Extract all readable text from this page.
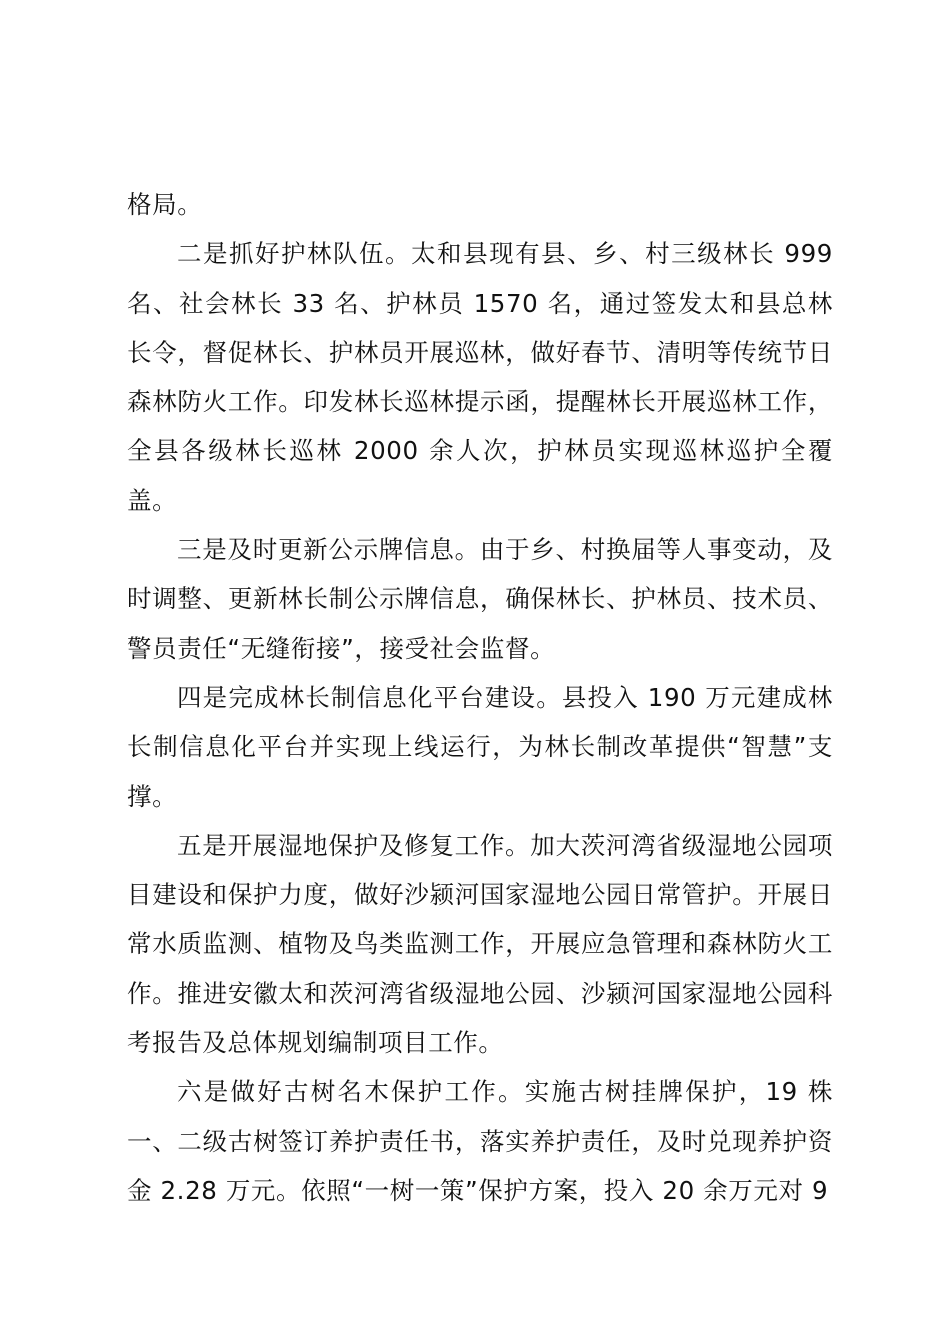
格局。

二是抓好护林队伍。太和县现有县、乡、村三级林长 999 名、社会林长 33 名、护林员 1570 名，通过签发太和县总林长令，督促林长、护林员开展巡林，做好春节、清明等传统节日森林防火工作。印发林长巡林提示函，提醒林长开展巡林工作，全县各级林长巡林 2000 余人次，护林员实现巡林巡护全覆盖。

三是及时更新公示牌信息。由于乡、村换届等人事变动，及时调整、更新林长制公示牌信息，确保林长、护林员、技术员、警员责任“无缝衔接”，接受社会监督。

四是完成林长制信息化平台建设。县投入 190 万元建成林长制信息化平台并实现上线运行，为林长制改革提供“智慧”支撑。

五是开展湿地保护及修复工作。加大茨河湾省级湿地公园项目建设和保护力度，做好沙颍河国家湿地公园日常管护。开展日常水质监测、植物及鸟类监测工作，开展应急管理和森林防火工作。推进安徽太和茨河湾省级湿地公园、沙颍河国家湿地公园科考报告及总体规划编制项目工作。

六是做好古树名木保护工作。实施古树挂牌保护，19 株一、二级古树签订养护责任书，落实养护责任，及时兑现养护资金 2.28 万元。依照“一树一策”保护方案，投入 20 余万元对 9
